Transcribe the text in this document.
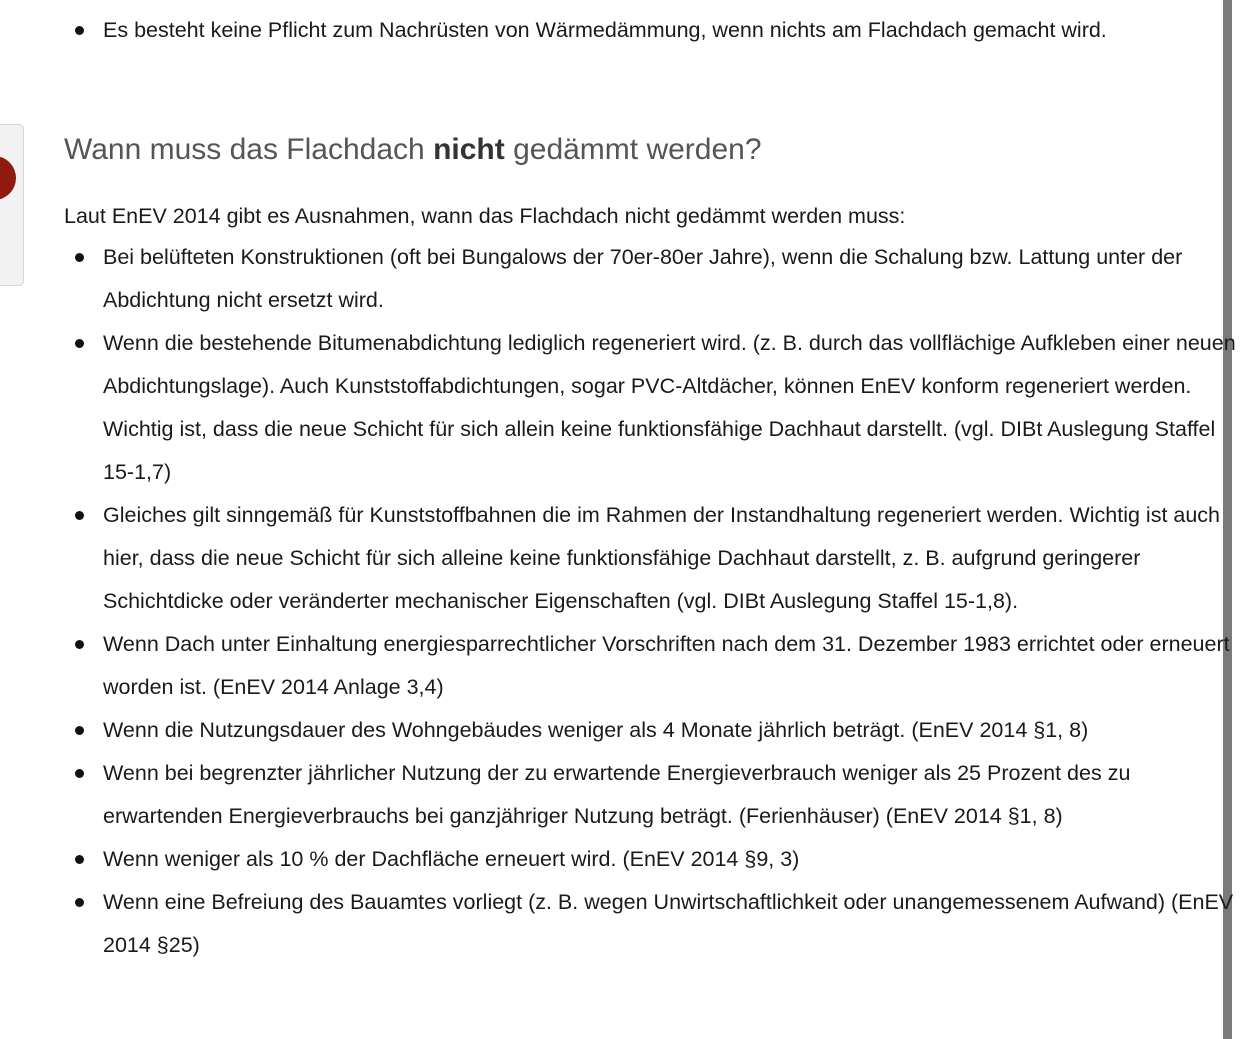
Es besteht keine Pflicht zum Nachrüsten von Wärmedämmung, wenn nichts am Flachdach gemacht wird.
Wann muss das Flachdach nicht gedämmt werden?

Laut EnEV 2014 gibt es Ausnahmen, wann das Flachdach nicht gedämmt werden muss:

Bei belüfteten Konstruktionen (oft bei Bungalows der 70er-80er Jahre), wenn die Schalung bzw. Lattung unter der Abdichtung nicht ersetzt wird.
Wenn die bestehende Bitumenabdichtung lediglich regeneriert wird. (z. B. durch das vollflächige Aufkleben einer neuen Abdichtungslage). Auch Kunststoffabdichtungen, sogar PVC-Altdächer, können EnEV konform regeneriert werden. Wichtig ist, dass die neue Schicht für sich allein keine funktionsfähige Dachhaut darstellt. (vgl. DIBt Auslegung Staffel 15-1,7)
Gleiches gilt sinngemäß für Kunststoffbahnen die im Rahmen der Instandhaltung regeneriert werden. Wichtig ist auch hier, dass die neue Schicht für sich alleine keine funktionsfähige Dachhaut darstellt, z. B. aufgrund geringerer Schichtdicke oder veränderter mechanischer Eigenschaften (vgl. DIBt Auslegung Staffel 15-1,8).
Wenn Dach unter Einhaltung energiesparrechtlicher Vorschriften nach dem 31. Dezember 1983 errichtet oder erneuert worden ist. (EnEV 2014 Anlage 3,4)
Wenn die Nutzungsdauer des Wohngebäudes weniger als 4 Monate jährlich beträgt. (EnEV 2014 §1, 8)
Wenn bei begrenzter jährlicher Nutzung der zu erwartende Energieverbrauch weniger als 25 Prozent des zu erwartenden Energieverbrauchs bei ganzjähriger Nutzung beträgt. (Ferienhäuser) (EnEV 2014 §1, 8)
Wenn weniger als 10 % der Dachfläche erneuert wird. (EnEV 2014 §9, 3)
Wenn eine Befreiung des Bauamtes vorliegt (z. B. wegen Unwirtschaftlichkeit oder unangemessenem Aufwand) (EnEV 2014 §25)
